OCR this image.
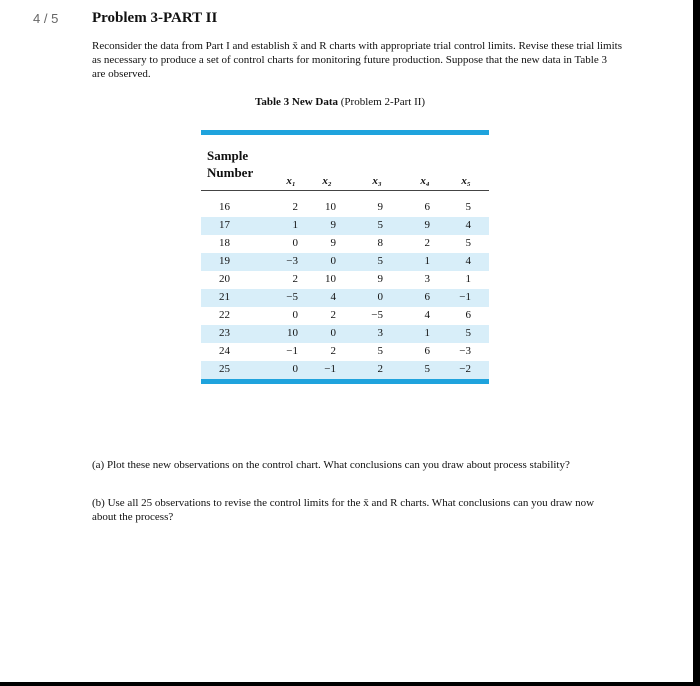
4 / 5 Problem 3-PART II
Reconsider the data from Part I and establish x̄ and R charts with appropriate trial control limits. Revise these trial limits as necessary to produce a set of control charts for monitoring future production. Suppose that the new data in Table 3 are observed.
Table 3 New Data (Problem 2-Part II)
Sample
Number
x₁	x₂	x₃	x₄	x₅
16	2	10	9	6	5
17	1	9	5	9	4
18	0	9	8	2	5
19	−3	0	5	1	4
20	2	10	9	3	1
21	−5	4	0	6	−1
22	0	2	−5	4	6
23	10	0	3	1	5
24	−1	2	5	6	−3
25	0	−1	2	5	−2
(a) Plot these new observations on the control chart. What conclusions can you draw about process stability?
(b) Use all 25 observations to revise the control limits for the x̄ and R charts. What conclusions can you draw now about the process?
